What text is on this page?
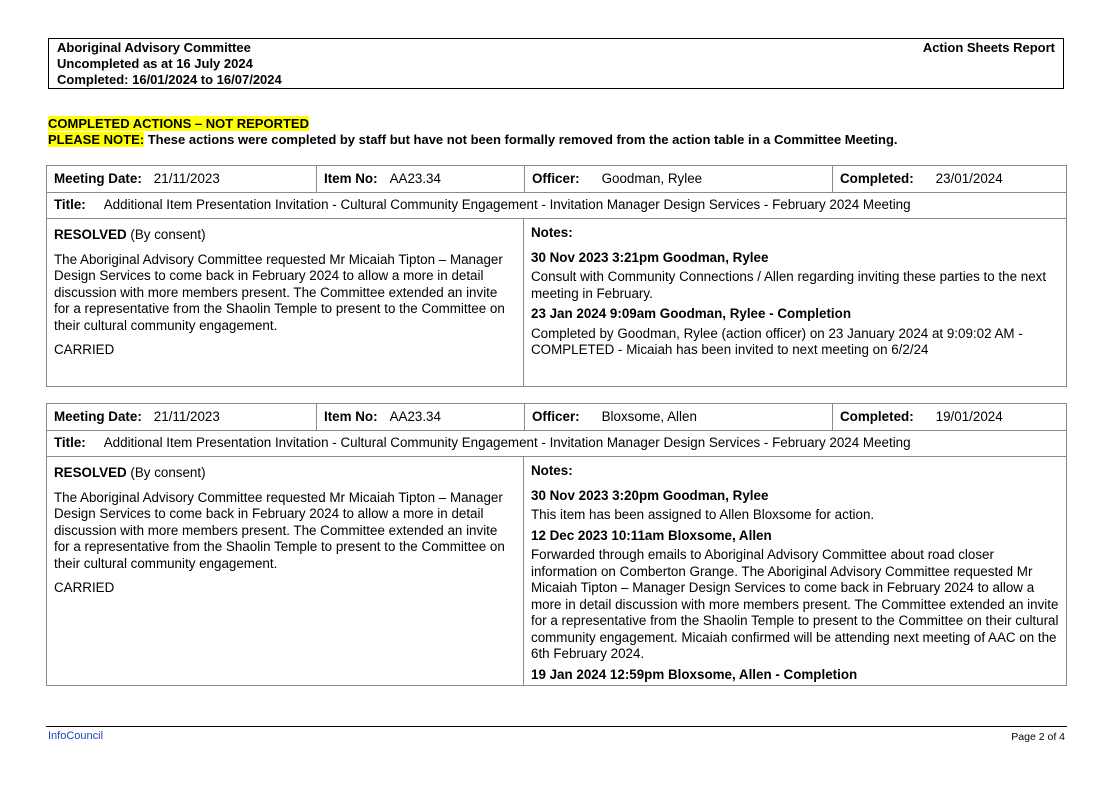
Aboriginal Advisory Committee
Uncompleted as at 16 July 2024
Completed: 16/01/2024 to 16/07/2024
Action Sheets Report
COMPLETED ACTIONS – NOT REPORTED
PLEASE NOTE: These actions were completed by staff but have not been formally removed from the action table in a Committee Meeting.
Meeting Date: 21/11/2023	Item No: AA23.34	Officer: Goodman, Rylee	Completed: 23/01/2024
Title: Additional Item Presentation Invitation - Cultural Community Engagement - Invitation Manager Design Services - February 2024 Meeting

RESOLVED (By consent)

The Aboriginal Advisory Committee requested Mr Micaiah Tipton – Manager Design Services to come back in February 2024 to allow a more in detail discussion with more members present. The Committee extended an invite for a representative from the Shaolin Temple to present to the Committee on their cultural community engagement.

CARRIED

Notes:

30 Nov 2023 3:21pm Goodman, Rylee

Consult with Community Connections / Allen regarding inviting these parties to the next meeting in February.

23 Jan 2024 9:09am Goodman, Rylee - Completion

Completed by Goodman, Rylee (action officer) on 23 January 2024 at 9:09:02 AM - COMPLETED - Micaiah has been invited to next meeting on 6/2/24

Meeting Date: 21/11/2023	Item No: AA23.34	Officer: Bloxsome, Allen	Completed: 19/01/2024
Title: Additional Item Presentation Invitation - Cultural Community Engagement - Invitation Manager Design Services - February 2024 Meeting

RESOLVED (By consent)

The Aboriginal Advisory Committee requested Mr Micaiah Tipton – Manager Design Services to come back in February 2024 to allow a more in detail discussion with more members present. The Committee extended an invite for a representative from the Shaolin Temple to present to the Committee on their cultural community engagement.

CARRIED

Notes:

30 Nov 2023 3:20pm Goodman, Rylee

This item has been assigned to Allen Bloxsome for action.

12 Dec 2023 10:11am Bloxsome, Allen

Forwarded through emails to Aboriginal Advisory Committee about road closer information on Comberton Grange. The Aboriginal Advisory Committee requested Mr Micaiah Tipton – Manager Design Services to come back in February 2024 to allow a more in detail discussion with more members present. The Committee extended an invite for a representative from the Shaolin Temple to present to the Committee on their cultural community engagement. Micaiah confirmed will be attending next meeting of AAC on the 6th February 2024.

19 Jan 2024 12:59pm Bloxsome, Allen - Completion

InfoCouncil	Page 2 of 4
